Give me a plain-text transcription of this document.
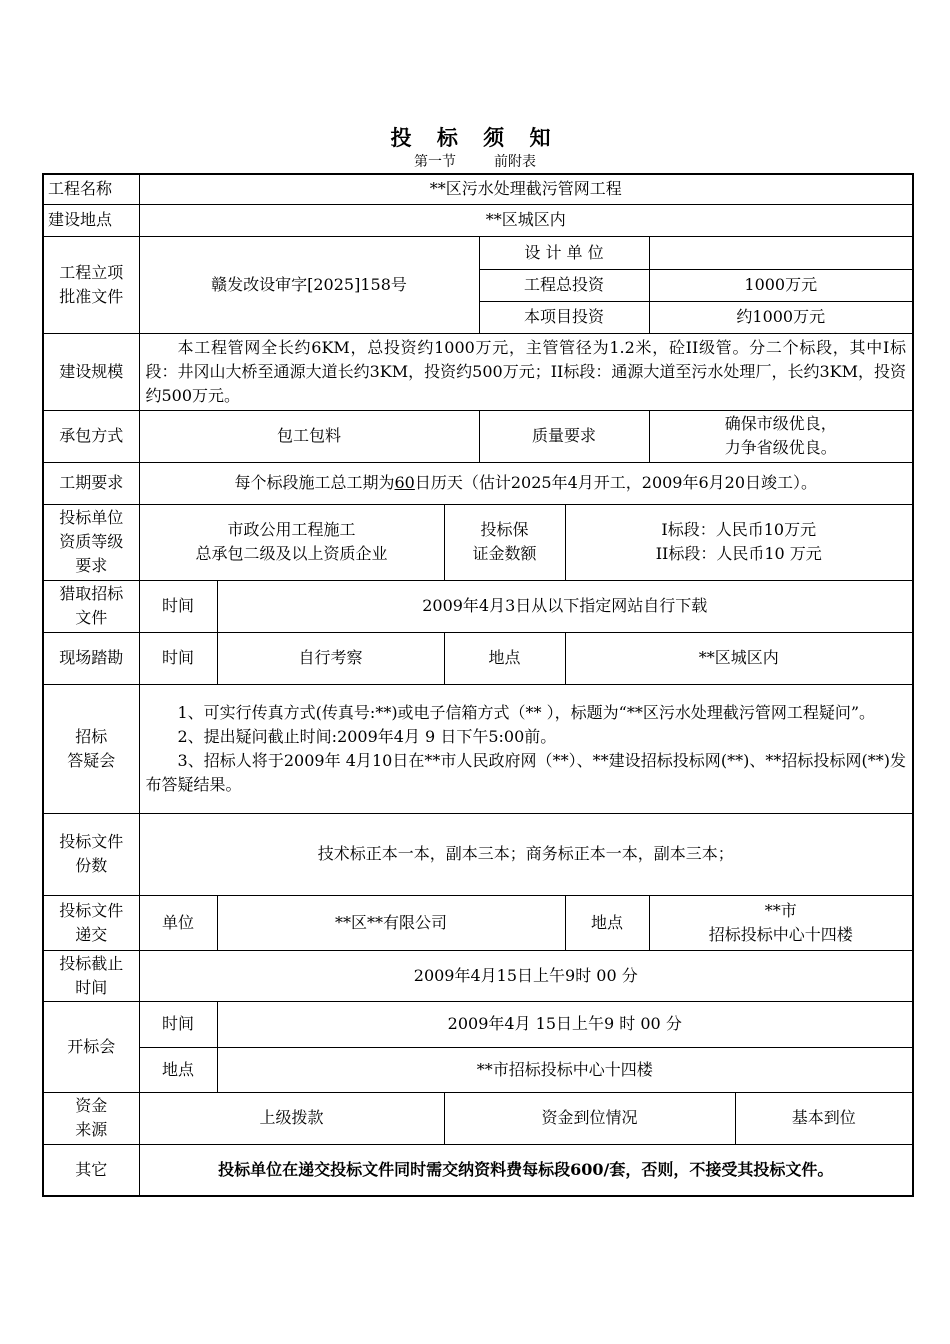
投 标 须 知
第一节	前附表
工程名称	**区污水处理截污管网工程						
建设地点	**区城区内						

工程立项
批准文件	赣发改设审字[2025]158号			设 计 单 位			
				工程总投资		1000万元	
				本项目投资		约1000万元	
建设规模	本工程管网全长约6KM，总投资约1000万元，主管管径为1.2米，砼II级管。分二个标段，其中I标段：井冈山大桥至通源大道长约3KM，投资约500万元；II标段：通源大道至污水处理厂，长约3KM，投资约500万元。						

承包方式	包工包料			质量要求		确保市级优良，
力争省级优良。	

工期要求	每个标段施工总工期为60日历天（估计2025年4月开工，2009年6月20日竣工）。						

投标单位
资质等级
要求	市政公用工程施工
总承包二级及以上资质企业		投标保
证金数额		I标段：人民币10万元
II标段：人民币10 万元		

猎取招标
文件	时间	2009年4月3日从以下指定网站自行下载					
现场踏勘	时间	自行考察	地点		**区城区内		

招标
答疑会	1、可实行传真方式(传真号:**)或电子信箱方式（** ），标题为“**区污水处理截污管网工程疑问”。
2、提出疑问截止时间:2009年4月 9 日下午5:00前。
3、招标人将于2009年 4月10日在**市人民政府网（**）、**建设招标投标网(**)、**招标投标网(**)发布答疑结果。						

投标文件
份数	技术标正本一本，副本三本；商务标正本一本，副本三本；						

投标文件
递交	单位	**区**有限公司			地点	**市
招标投标中心十四楼	

投标截止
时间	2009年4月15日上午9时 00 分						
开标会	时间	2009年4月 15日上午9 时 00 分					
	地点	**市招标投标中心十四楼					

资金
来源	上级拨款		资金到位情况				基本到位
其它	投标单位在递交投标文件同时需交纳资料费每标段600/套，否则，不接受其投标文件。						
